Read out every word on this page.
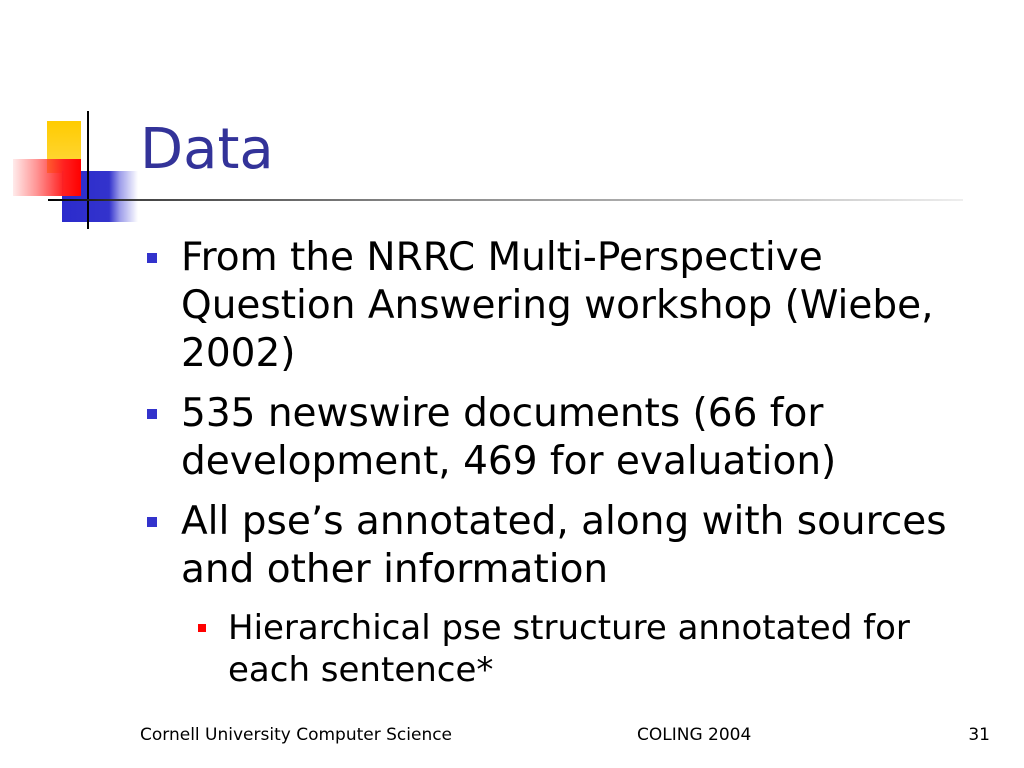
Data
From the NRRC Multi-Perspective Question Answering workshop (Wiebe, 2002)
535 newswire documents (66 for development, 469 for evaluation)
All pse’s annotated, along with sources and other information
Hierarchical pse structure annotated for each sentence*
Cornell University Computer Science	COLING 2004	31
